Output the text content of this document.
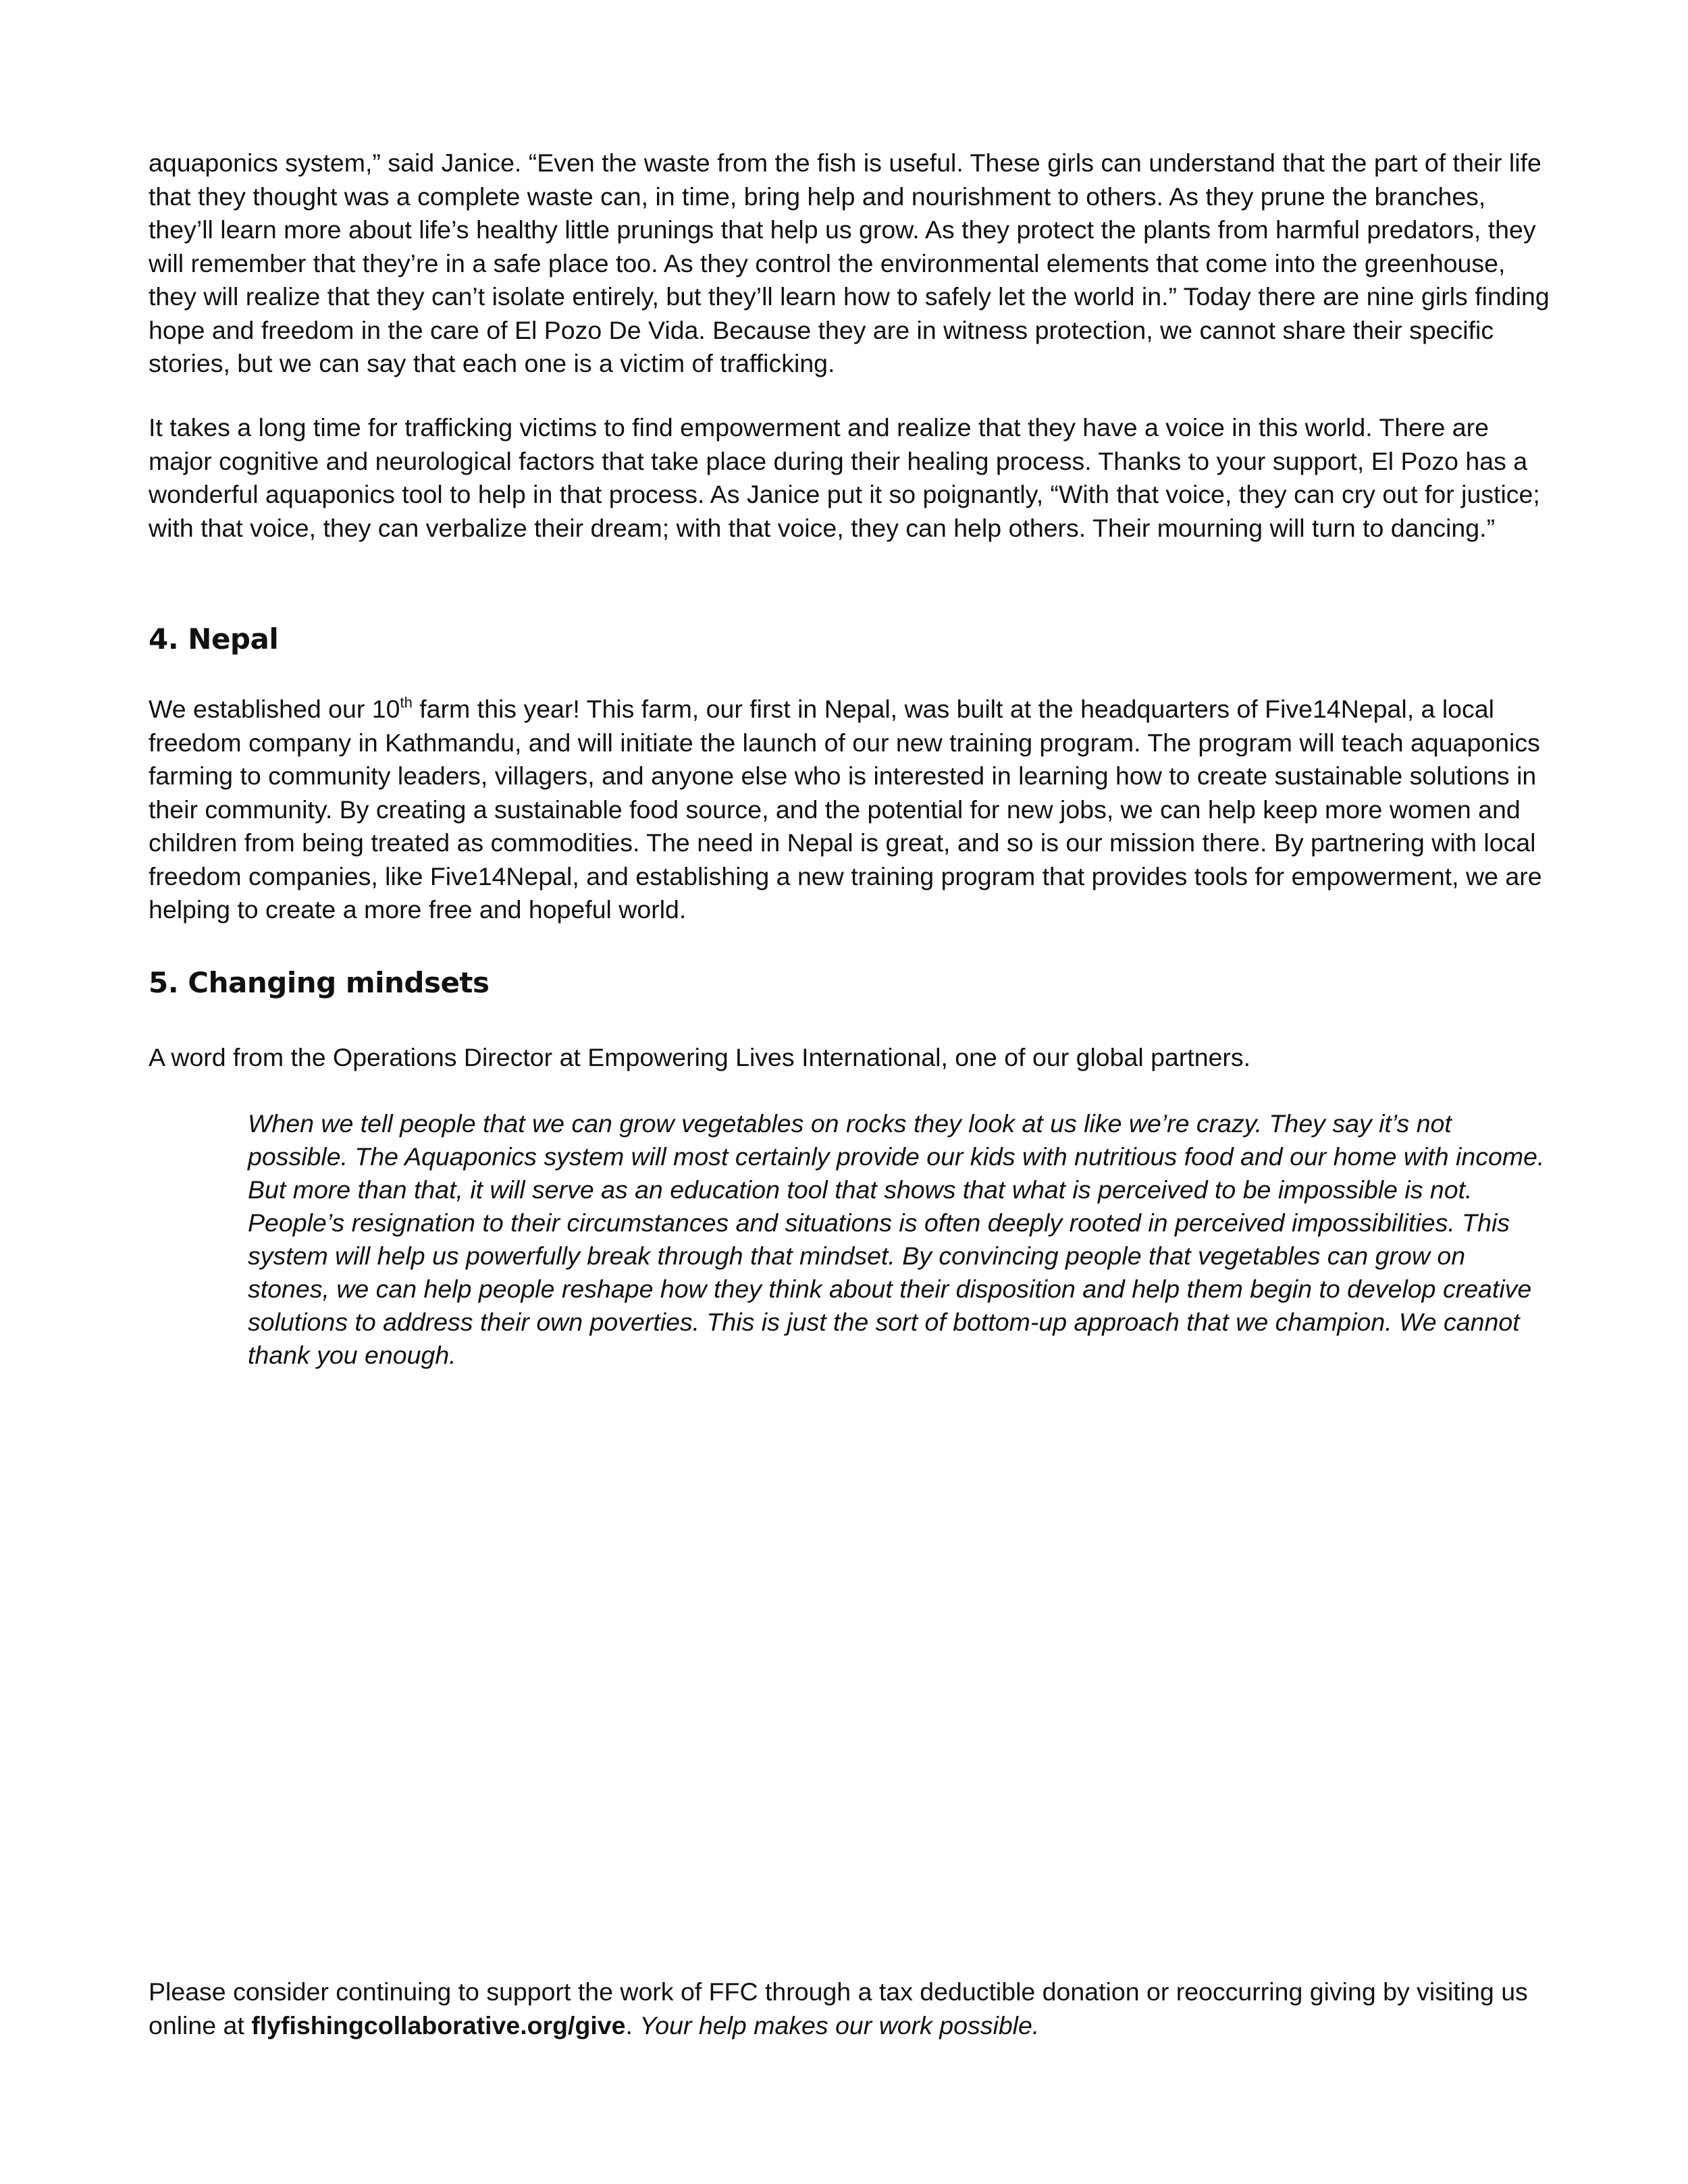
aquaponics system,” said Janice. “Even the waste from the fish is useful. These girls can understand that the part of their life that they thought was a complete waste can, in time, bring help and nourishment to others. As they prune the branches, they’ll learn more about life’s healthy little prunings that help us grow. As they protect the plants from harmful predators, they will remember that they’re in a safe place too. As they control the environmental elements that come into the greenhouse, they will realize that they can’t isolate entirely, but they’ll learn how to safely let the world in.” Today there are nine girls finding hope and freedom in the care of El Pozo De Vida. Because they are in witness protection, we cannot share their specific stories, but we can say that each one is a victim of trafficking.

It takes a long time for trafficking victims to find empowerment and realize that they have a voice in this world. There are major cognitive and neurological factors that take place during their healing process. Thanks to your support, El Pozo has a wonderful aquaponics tool to help in that process. As Janice put it so poignantly, “With that voice, they can cry out for justice; with that voice, they can verbalize their dream; with that voice, they can help others. Their mourning will turn to dancing.”

4. Nepal

We established our 10th farm this year! This farm, our first in Nepal, was built at the headquarters of Five14Nepal, a local freedom company in Kathmandu, and will initiate the launch of our new training program. The program will teach aquaponics farming to community leaders, villagers, and anyone else who is interested in learning how to create sustainable solutions in their community. By creating a sustainable food source, and the potential for new jobs, we can help keep more women and children from being treated as commodities. The need in Nepal is great, and so is our mission there. By partnering with local freedom companies, like Five14Nepal, and establishing a new training program that provides tools for empowerment, we are helping to create a more free and hopeful world.

5. Changing mindsets

A word from the Operations Director at Empowering Lives International, one of our global partners.

When we tell people that we can grow vegetables on rocks they look at us like we’re crazy. They say it’s not possible. The Aquaponics system will most certainly provide our kids with nutritious food and our home with income. But more than that, it will serve as an education tool that shows that what is perceived to be impossible is not. People’s resignation to their circumstances and situations is often deeply rooted in perceived impossibilities. This system will help us powerfully break through that mindset. By convincing people that vegetables can grow on stones, we can help people reshape how they think about their disposition and help them begin to develop creative solutions to address their own poverties. This is just the sort of bottom-up approach that we champion. We cannot thank you enough.

Please consider continuing to support the work of FFC through a tax deductible donation or reoccurring giving by visiting us online at flyfishingcollaborative.org/give. Your help makes our work possible.
